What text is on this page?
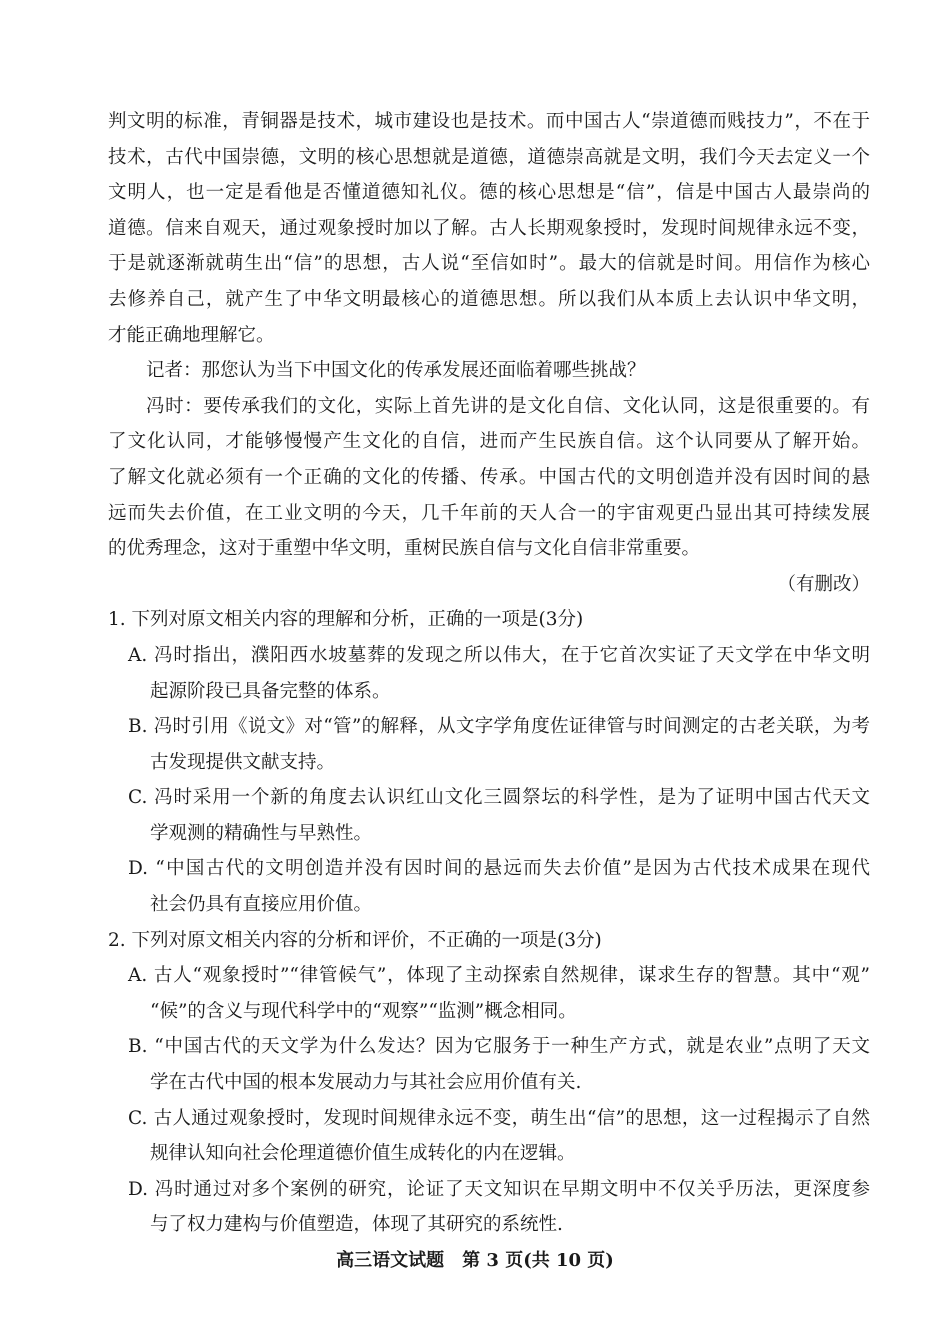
判文明的标准，青铜器是技术，城市建设也是技术。而中国古人“崇道德而贱技力”，不在于
技术，古代中国崇德，文明的核心思想就是道德，道德崇高就是文明，我们今天去定义一个
文明人，也一定是看他是否懂道德知礼仪。德的核心思想是“信”，信是中国古人最崇尚的
道德。信来自观天，通过观象授时加以了解。古人长期观象授时，发现时间规律永远不变，
于是就逐渐就萌生出“信”的思想，古人说“至信如时”。最大的信就是时间。用信作为核心
去修养自己，就产生了中华文明最核心的道德思想。所以我们从本质上去认识中华文明，
才能正确地理解它。
记者：那您认为当下中国文化的传承发展还面临着哪些挑战？
冯时：要传承我们的文化，实际上首先讲的是文化自信、文化认同，这是很重要的。有
了文化认同，才能够慢慢产生文化的自信，进而产生民族自信。这个认同要从了解开始。
了解文化就必须有一个正确的文化的传播、传承。中国古代的文明创造并没有因时间的悬
远而失去价值，在工业文明的今天，几千年前的天人合一的宇宙观更凸显出其可持续发展
的优秀理念，这对于重塑中华文明，重树民族自信与文化自信非常重要。
（有删改）
1. 下列对原文相关内容的理解和分析，正确的一项是(3分)
A. 冯时指出，濮阳西水坡墓葬的发现之所以伟大，在于它首次实证了天文学在中华文明
起源阶段已具备完整的体系。
B. 冯时引用《说文》对“管”的解释，从文字学角度佐证律管与时间测定的古老关联，为考
古发现提供文献支持。
C. 冯时采用一个新的角度去认识红山文化三圆祭坛的科学性，是为了证明中国古代天文
学观测的精确性与早熟性。
D. “中国古代的文明创造并没有因时间的悬远而失去价值”是因为古代技术成果在现代
社会仍具有直接应用价值。
2. 下列对原文相关内容的分析和评价，不正确的一项是(3分)
A. 古人“观象授时”“律管候气”，体现了主动探索自然规律，谋求生存的智慧。其中“观”
“候”的含义与现代科学中的“观察”“监测”概念相同。
B. “中国古代的天文学为什么发达？因为它服务于一种生产方式，就是农业”点明了天文
学在古代中国的根本发展动力与其社会应用价值有关.
C. 古人通过观象授时，发现时间规律永远不变，萌生出“信”的思想，这一过程揭示了自然
规律认知向社会伦理道德价值生成转化的内在逻辑。
D. 冯时通过对多个案例的研究，论证了天文知识在早期文明中不仅关乎历法，更深度参
与了权力建构与价值塑造，体现了其研究的系统性.
高三语文试题　第 3 页(共 10 页)
